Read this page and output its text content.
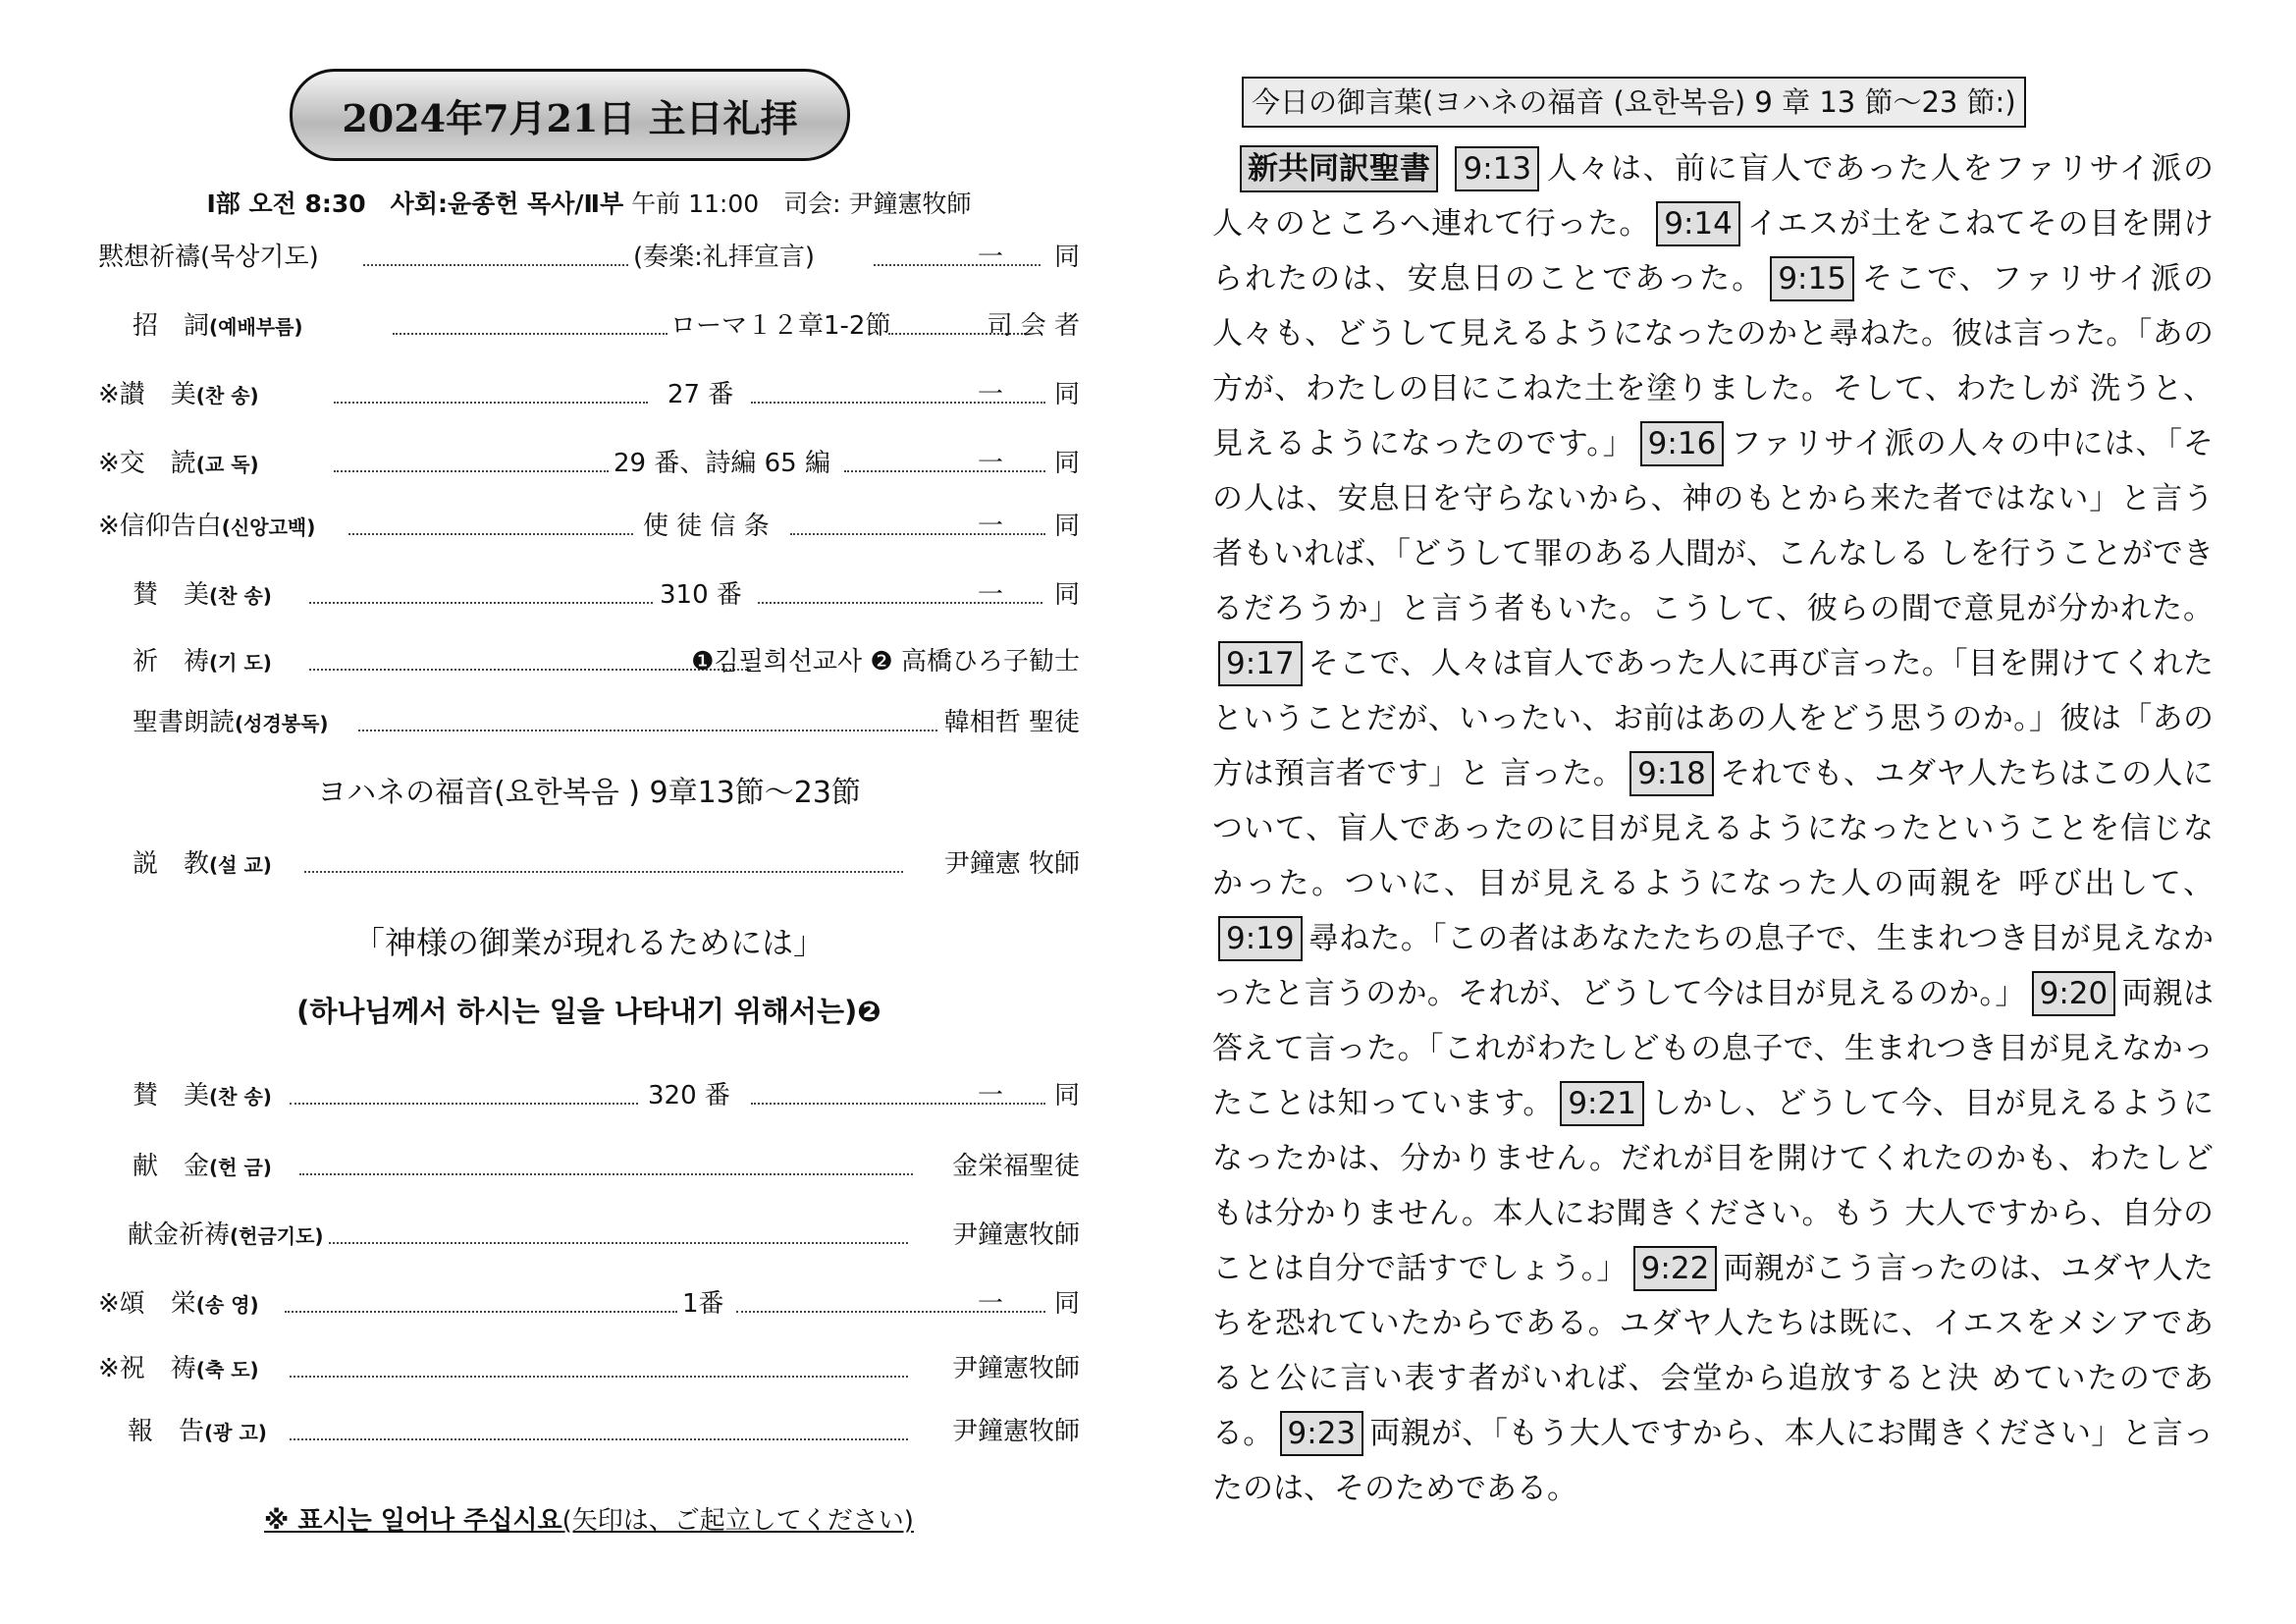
2024年7月21日 主日礼拝
Ⅰ部 오전 8:30　사회:윤종헌 목사/Ⅱ부 午前 11:00　司会: 尹鐘憲牧師
黙想祈禱(묵상기도)	(奏楽:礼拝宣言)	一　　同
招　詞(예배부름)	ローマ１２章1-2節	司 会 者
※讃　美(찬 송)	27 番	一　　同
※交　読(교 독)	29 番、詩編 65 編	一　　同
※信仰告白(신앙고백)	使 徒 信 条	一　　同
賛　美(찬 송)	310 番	一　　同
祈　祷(기 도)	❶김필희선교사 ❷ 高橋ひろ子勧士
聖書朗読(성경봉독)	韓相哲 聖徒
ヨハネの福音(요한복음 ) 9章13節～23節
説　教(설 교)	尹鐘憲 牧師
「神様の御業が現れるためには」
(하나님께서 하시는 일을 나타내기 위해서는)❷
賛　美(찬 송)	320 番	一　　同
献　金(헌 금)	金栄福聖徒
献金祈祷(헌금기도)	尹鐘憲牧師
※頌　栄(송 영)	1番	一　　同
※祝　祷(축 도)	尹鐘憲牧師
報　告(광 고)	尹鐘憲牧師
※ 표시는 일어나 주십시요(矢印は、ご起立してください)
今日の御言葉(ヨハネの福音 (요한복음) 9 章 13 節～23 節:)
新共同訳聖書 9:13 人々は、前に盲人であった人をファリサイ派の人々のところへ連れて行った。 9:14 イエスが土をこねてその目を開けられたのは、安息日のことであった。 9:15 そこで、ファリサイ派の人々も、どうして見えるようになったのかと尋ねた。彼は言った。「あの方が、わたしの目にこねた土を塗りました。そして、わたしが 洗うと、見えるようになったのです。」 9:16 ファリサイ派の人々の中には、「その人は、安息日を守らないから、神のもとから来た者ではない」と言う者もいれば、「どうして罪のある人間が、こんなしる しを行うことができるだろうか」と言う者もいた。こうして、彼らの間で意見が分かれた。9:17 そこで、人々は盲人であった人に再び言った。「目を開けてくれたということだが、いったい、お前はあの人をどう思うのか。」彼は「あの方は預言者です」と 言った。 9:18 それでも、ユダヤ人たちはこの人について、盲人であったのに目が見えるようになったということを信じなかった。ついに、目が見えるようになった人の両親を 呼び出して、9:19 尋ねた。「この者はあなたたちの息子で、生まれつき目が見えなかったと言うのか。それが、どうして今は目が見えるのか。」 9:20 両親は答えて言った。「これがわたしどもの息子で、生まれつき目が見えなかったことは知っています。 9:21 しかし、どうして今、目が見えるようになったかは、分かりません。だれが目を開けてくれたのかも、わたしどもは分かりません。本人にお聞きください。もう 大人ですから、自分のことは自分で話すでしょう。」 9:22 両親がこう言ったのは、ユダヤ人たちを恐れていたからである。ユダヤ人たちは既に、イエスをメシアであると公に言い表す者がいれば、会堂から追放すると決 めていたのである。 9:23 両親が、「もう大人ですから、本人にお聞きください」と言ったのは、そのためである。
